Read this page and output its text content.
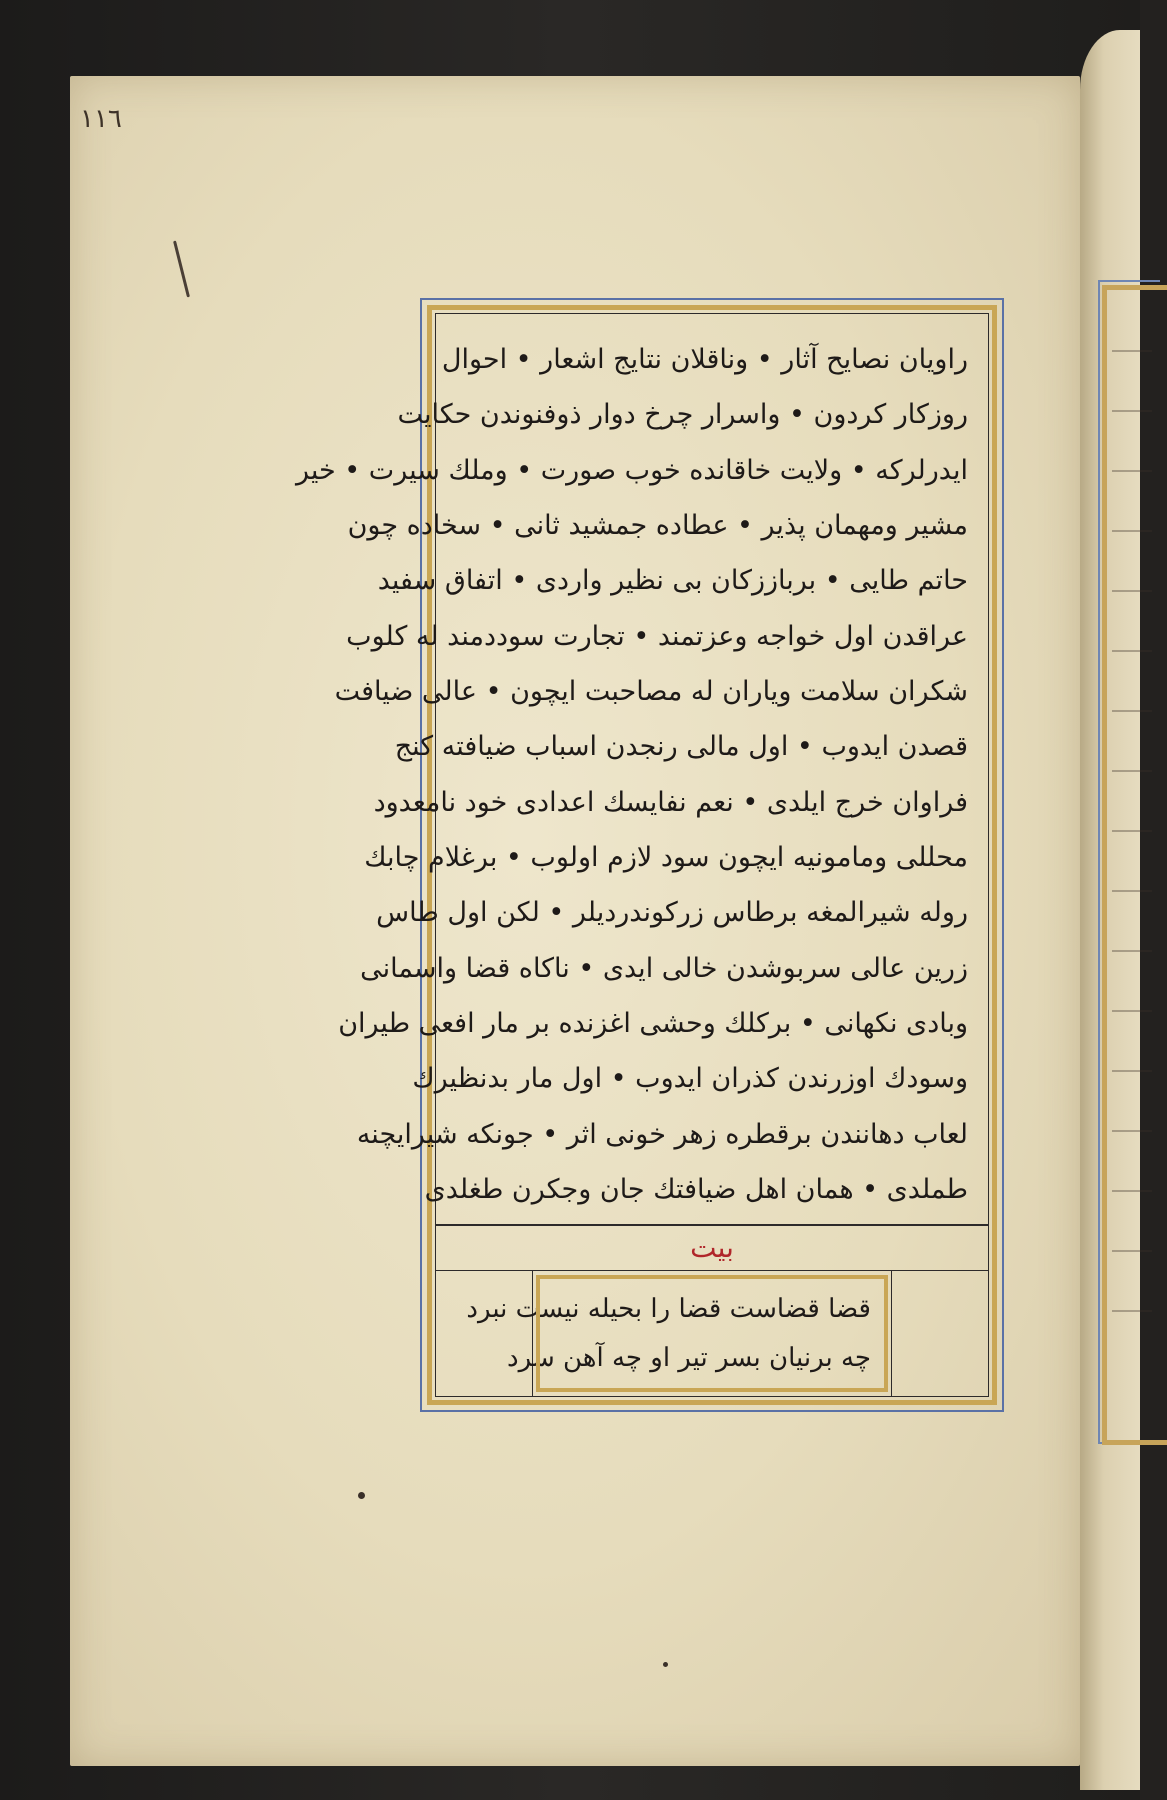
١١٦
راویان نصایح آثار • وناقلان نتایج اشعار • احوال
روزکار کردون • واسرار چرخ دوار ذوفنوندن حکایت
ایدرلرکه • ولایت خاقانده خوب صورت • وملك سیرت • خیر
مشیر ومهمان پذیر • عطاده جمشید ثانی • سخاده چون
حاتم طایی • برباززکان بی نظیر واردی • اتفاق سفید
عراقدن اول خواجه وعزتمند • تجارت سوددمند له کلوب
شکران سلامت ویاران له مصاحبت ایچون • عالی ضیافت
قصدن ایدوب • اول مالی رنجدن اسباب ضیافته کنج
فراوان خرج ایلدی • نعم نفایسك اعدادی خود نامعدود
محللی ومامونیه ایچون سود لازم اولوب • برغلام چابك
روله شیرالمغه برطاس زرکوندردیلر • لکن اول طاس
زرین عالی سربوشدن خالی ایدی • ناکاه قضا واسمانی
وبادی نکهانی • برکلك وحشی اغزنده بر مار افعی طیران
وسودك اوزرندن کذران ایدوب • اول مار بدنظیرك
لعاب دهانندن برقطره زهر خونی اثر • جونکه شیرایچنه
طملدی • همان اهل ضیافتك جان وجکرن طغلدی
بیت
قضا قضاست قضا را بحیله نیست نبرد
چه برنیان بسر تیر او چه آهن سرد
